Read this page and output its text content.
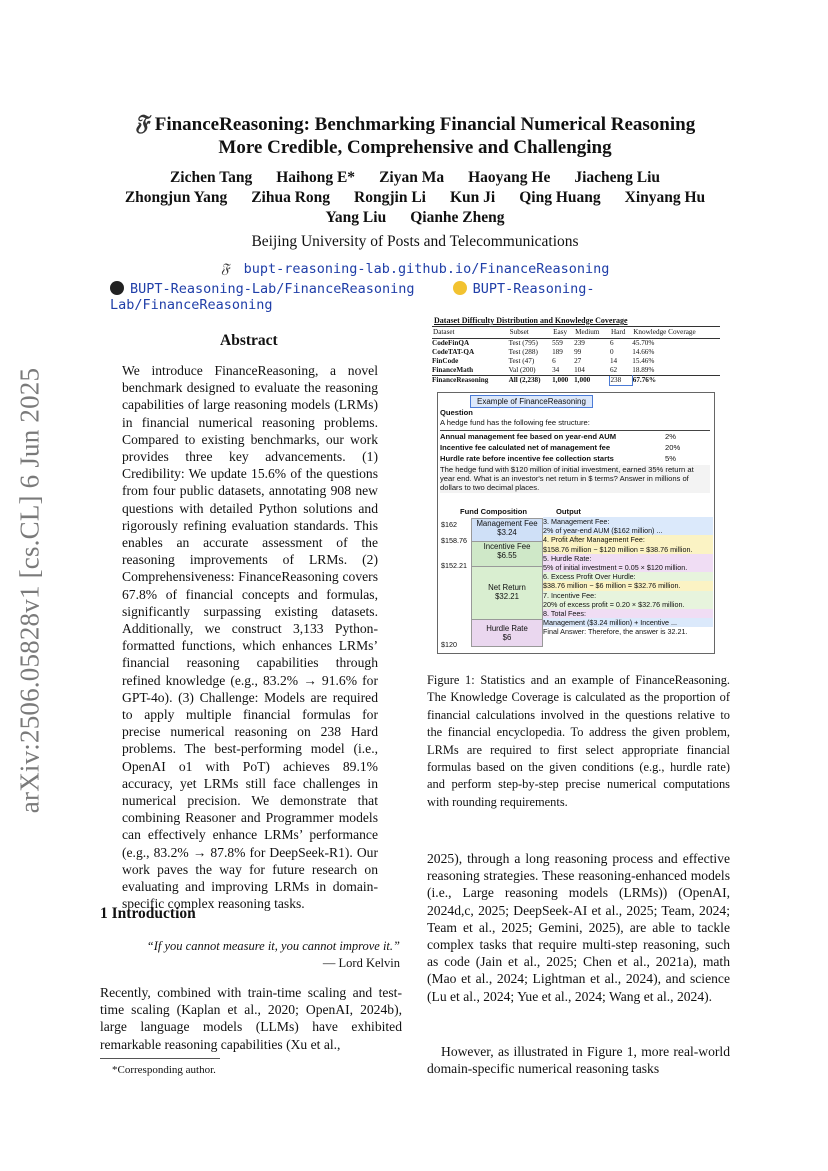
arXiv:2506.05828v1 [cs.CL] 6 Jun 2025
𝔉 FinanceReasoning: Benchmarking Financial Numerical Reasoning
More Credible, Comprehensive and Challenging
Zichen Tang Haihong E* Ziyan Ma Haoyang He Jiacheng Liu
Zhongjun Yang Zihua Rong Rongjin Li Kun Ji Qing Huang Xinyang Hu
Yang Liu Qianhe Zheng
Beijing University of Posts and Telecommunications
𝔉 bupt-reasoning-lab.github.io/FinanceReasoning
BUPT-Reasoning-Lab/FinanceReasoning	BUPT-Reasoning-Lab/FinanceReasoning
Abstract
We introduce FinanceReasoning, a novel benchmark designed to evaluate the reasoning capabilities of large reasoning models (LRMs) in financial numerical reasoning problems. Compared to existing benchmarks, our work provides three key advancements. (1) Credibility: We update 15.6% of the questions from four public datasets, annotating 908 new questions with detailed Python solutions and rigorously refining evaluation standards. This enables an accurate assessment of the reasoning improvements of LRMs. (2) Comprehensiveness: FinanceReasoning covers 67.8% of financial concepts and formulas, significantly surpassing existing datasets. Additionally, we construct 3,133 Python-formatted functions, which enhances LRMs’ financial reasoning capabilities through refined knowledge (e.g., 83.2% → 91.6% for GPT-4o). (3) Challenge: Models are required to apply multiple financial formulas for precise numerical reasoning on 238 Hard problems. The best-performing model (i.e., OpenAI o1 with PoT) achieves 89.1% accuracy, yet LRMs still face challenges in numerical precision. We demonstrate that combining Reasoner and Programmer models can effectively enhance LRMs’ performance (e.g., 83.2% → 87.8% for DeepSeek-R1). Our work paves the way for future research on evaluating and improving LRMs in domain-specific complex reasoning tasks.
1 Introduction
“If you cannot measure it, you cannot improve it.”
— Lord Kelvin
Recently, combined with train-time scaling and test-time scaling (Kaplan et al., 2020; OpenAI, 2024b), large language models (LLMs) have exhibited remarkable reasoning capabilities (Xu et al.,
*Corresponding author.
Dataset Difficulty Distribution and Knowledge Coverage
Dataset	Subset	Easy	Medium	Hard	Knowledge Coverage
CodeFinQA	Test (795)	559	239	6	45.70%
CodeTAT-QA	Test (288)	189	99	0	14.66%
FinCode	Test (47)	6	27	14	15.46%
FinanceMath	Val (200)	34	104	62	18.89%
FinanceReasoning	All (2,238)	1,000	1,000	238	67.76%
Example of FinanceReasoning
Question
A hedge fund has the following fee structure:
Annual management fee based on year-end AUM	2%
Incentive fee calculated net of management fee	20%
Hurdle rate before incentive fee collection starts	5%
The hedge fund with $120 million of initial investment, earned 35% return at year end. What is an investor's net return in $ terms? Answer in millions of dollars to two decimal places.
Fund Composition	Output
$162
$158.76
$152.21
$120
Management Fee
$3.24
Incentive Fee
$6.55
Net Return
$32.21
Hurdle Rate
$6
3. Management Fee:
2% of year-end AUM ($162 million) ...
4. Profit After Management Fee:
$158.76 million − $120 million = $38.76 million.
5. Hurdle Rate:
5% of initial investment = 0.05 × $120 million.
6. Excess Profit Over Hurdle:
$38.76 million − $6 million = $32.76 million.
7. Incentive Fee:
20% of excess profit = 0.20 × $32.76 million.
8. Total Fees:
Management ($3.24 million) + Incentive ...
Final Answer: Therefore, the answer is 32.21.
Figure 1: Statistics and an example of FinanceReasoning. The Knowledge Coverage is calculated as the proportion of financial calculations involved in the questions relative to the financial encyclopedia. To address the given problem, LRMs are required to first select appropriate financial formulas based on the given conditions (e.g., hurdle rate) and perform step-by-step precise numerical computations with rounding requirements.
2025), through a long reasoning process and effective reasoning strategies. These reasoning-enhanced models (i.e., Large reasoning models (LRMs)) (OpenAI, 2024d,c, 2025; DeepSeek-AI et al., 2025; Team, 2024; Team et al., 2025; Gemini, 2025), are able to tackle complex tasks that require multi-step reasoning, such as code (Jain et al., 2025; Chen et al., 2021a), math (Mao et al., 2024; Lightman et al., 2024), and science (Lu et al., 2024; Yue et al., 2024; Wang et al., 2024).
However, as illustrated in Figure 1, more real-world domain-specific numerical reasoning tasks
